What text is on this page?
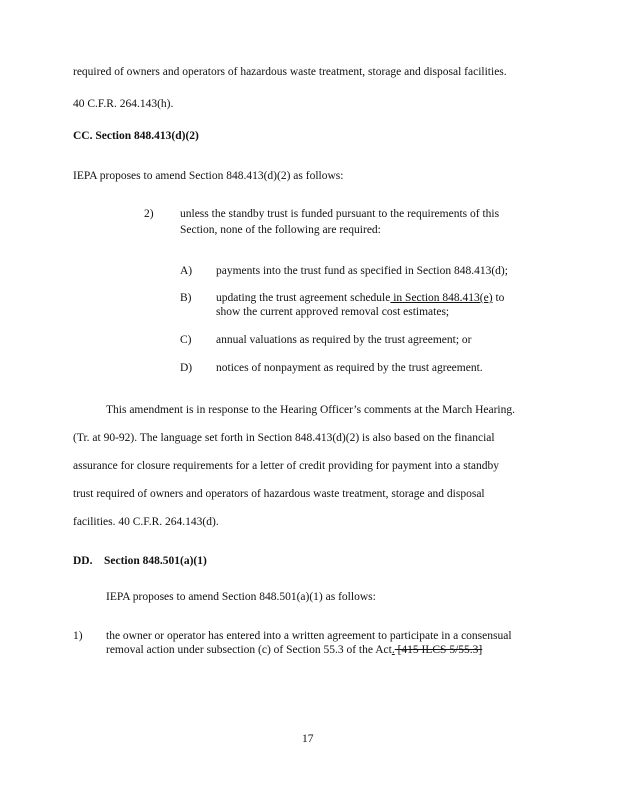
required of owners and operators of hazardous waste treatment, storage and disposal facilities.
40 C.F.R. 264.143(h).
CC. Section 848.413(d)(2)
IEPA proposes to amend Section 848.413(d)(2) as follows:
2) unless the standby trust is funded pursuant to the requirements of this
Section, none of the following are required:
A) payments into the trust fund as specified in Section 848.413(d);
B) updating the trust agreement schedule in Section 848.413(e) to
show the current approved removal cost estimates;
C) annual valuations as required by the trust agreement; or
D) notices of nonpayment as required by the trust agreement.
This amendment is in response to the Hearing Officer’s comments at the March Hearing.
(Tr. at 90-92). The language set forth in Section 848.413(d)(2) is also based on the financial
assurance for closure requirements for a letter of credit providing for payment into a standby
trust required of owners and operators of hazardous waste treatment, storage and disposal
facilities. 40 C.F.R. 264.143(d).
DD. Section 848.501(a)(1)
IEPA proposes to amend Section 848.501(a)(1) as follows:
1) the owner or operator has entered into a written agreement to participate in a consensual
removal action under subsection (c) of Section 55.3 of the Act. [415 ILCS 5/55.3]
17
